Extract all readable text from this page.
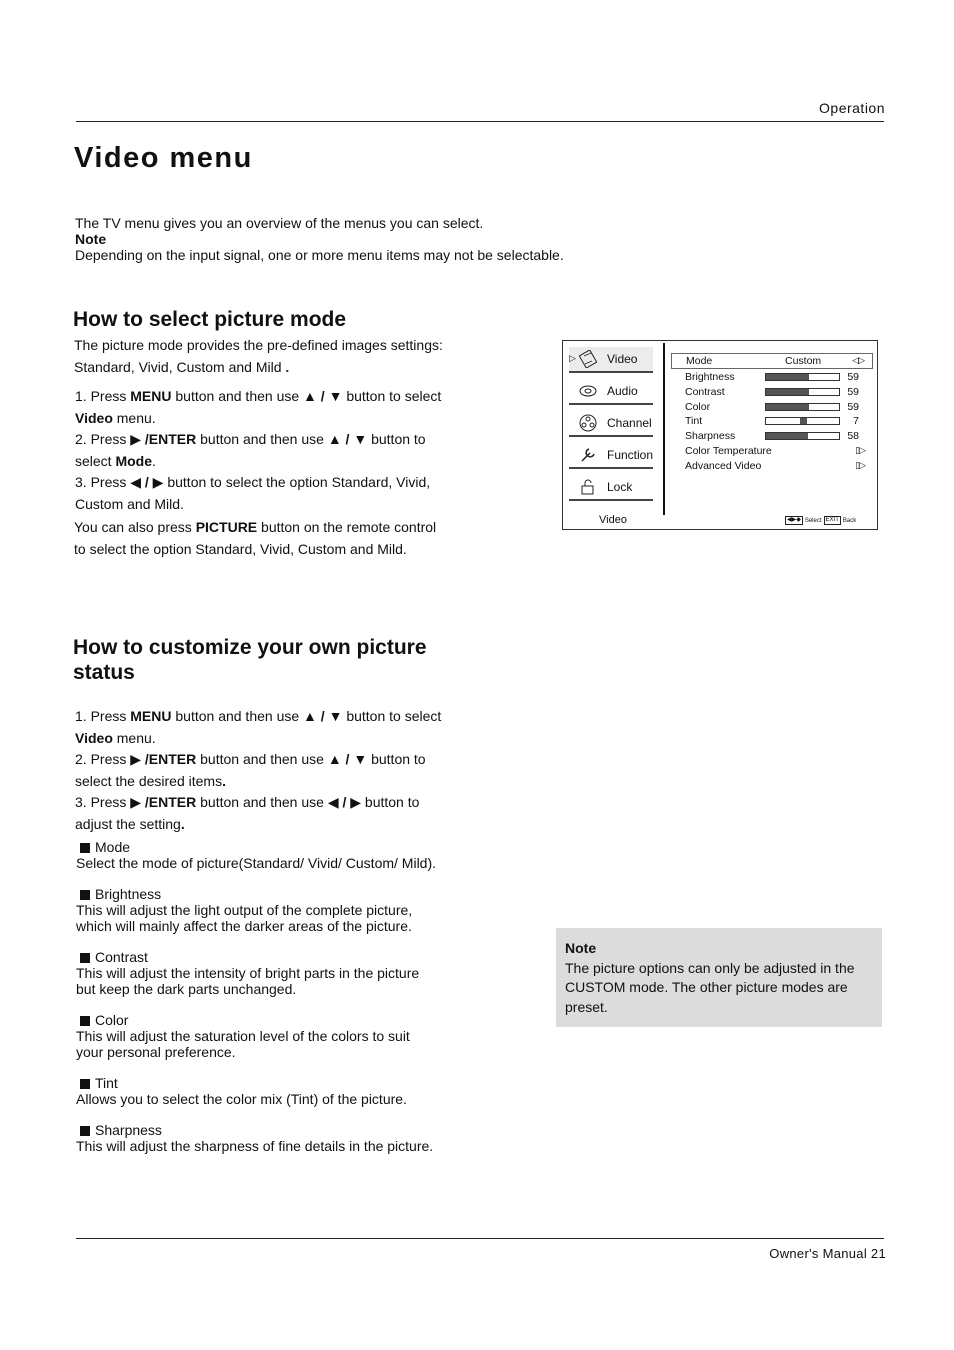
Operation
Video menu
The TV menu gives you an overview of the menus you can select.
Note
Depending on the input signal, one or more menu items may not be selectable.
How to select picture mode
The picture mode provides the pre-defined images settings:
Standard, Vivid, Custom and Mild .
1. Press MENU button and then use ▲ / ▼ button to select
Video menu.
2. Press ▶ /ENTER button and then use ▲ / ▼ button to
select Mode.
3. Press ◀ / ▶ button to select the option Standard, Vivid,
Custom and Mild.
You can also press PICTURE button on the remote control
to select the option Standard, Vivid, Custom and Mild.
▷	Video
Audio
Channel
Function
Lock
Mode	Custom	◁▷
Brightness	59
Contrast	59
Color	59
Tint	7
Sharpness	58
Color Temperature	▯▷
Advanced Video	▯▷
Video	◀▶◆ Select EXIT Back
How to customize your own picture
status
1. Press MENU button and then use ▲ / ▼ button to select
Video menu.
2. Press ▶ /ENTER button and then use ▲ / ▼ button to
select the desired items.
3. Press ▶ /ENTER button and then use ◀ / ▶ button to
adjust the setting.
Mode
Select the mode of picture(Standard/ Vivid/ Custom/ Mild).
Brightness
This will adjust the light output of the complete picture,
which will mainly affect the darker areas of the picture.
Contrast
This will adjust the intensity of bright parts in the picture
but keep the dark parts unchanged.
Color
This will adjust the saturation level of the colors to suit
your personal preference.
Tint
Allows you to select the color mix (Tint) of the picture.
Sharpness
This will adjust the sharpness of fine details in the picture.
Note
The picture options can only be adjusted in the CUSTOM mode. The other picture modes are preset.
Owner's Manual 21
